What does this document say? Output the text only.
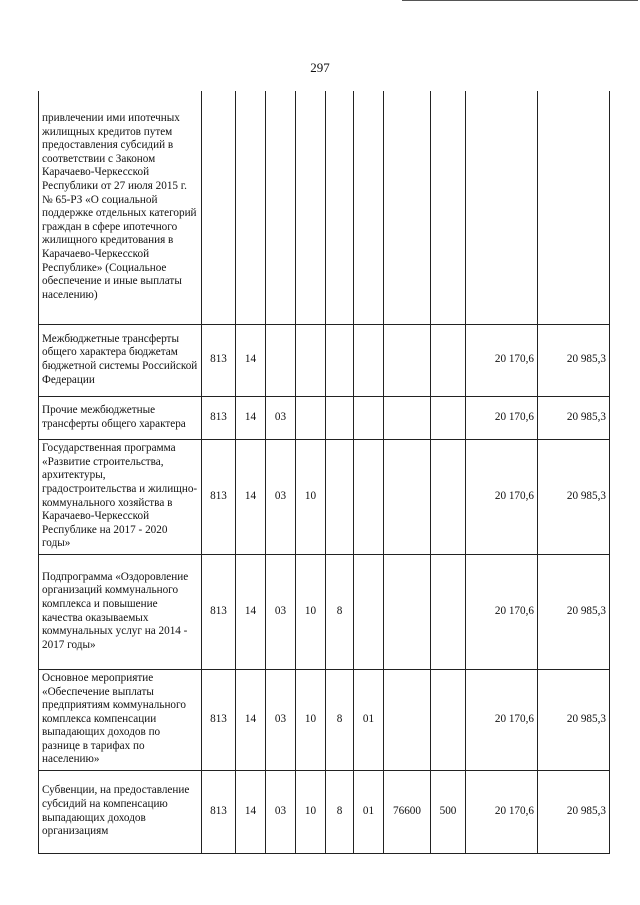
297
привлечении ими ипотечных жилищных кредитов путем предоставления субсидий в соответствии с Законом Карачаево-Черкесской Республики от 27 июля 2015 г. № 65-РЗ «О социальной поддержке отдельных категорий граждан в сфере ипотечного жилищного кредитования в Карачаево-Черкесской Республике» (Социальное обеспечение и иные выплаты населению)										
Межбюджетные трансферты общего характера бюджетам бюджетной системы Российской Федерации	813	14							20 170,6	20 985,3
Прочие межбюджетные трансферты общего характера	813	14	03						20 170,6	20 985,3
Государственная программа «Развитие строительства, архитектуры, градостроительства и жилищно-коммунального хозяйства в Карачаево-Черкесской Республике на 2017 - 2020 годы»	813	14	03	10					20 170,6	20 985,3
Подпрограмма «Оздоровление организаций коммунального комплекса и повышение качества оказываемых коммунальных услуг на 2014 - 2017 годы»	813	14	03	10	8				20 170,6	20 985,3
Основное мероприятие «Обеспечение выплаты предприятиям коммунального комплекса компенсации выпадающих доходов по разнице в тарифах по населению»	813	14	03	10	8	01			20 170,6	20 985,3
Субвенции, на предоставление субсидий на компенсацию выпадающих доходов организациям	813	14	03	10	8	01	76600	500	20 170,6	20 985,3
